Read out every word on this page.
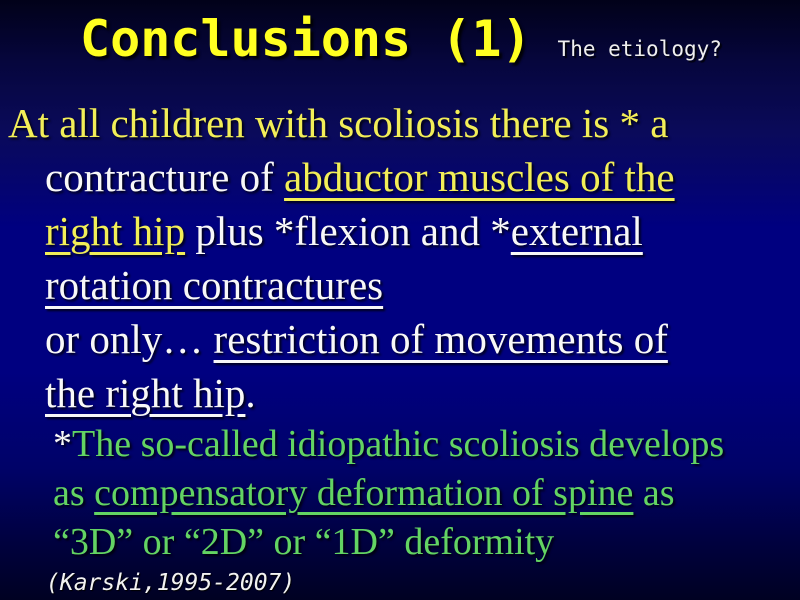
Conclusions (1) The etiology?
At all children with scoliosis there is * a
contracture of abductor muscles of the
right hip plus *flexion and *external
rotation contractures
or only… restriction of movements of
the right hip.
*The so-called idiopathic scoliosis develops
as compensatory deformation of spine as
“3D” or “2D” or “1D” deformity
(Karski,1995-2007)
